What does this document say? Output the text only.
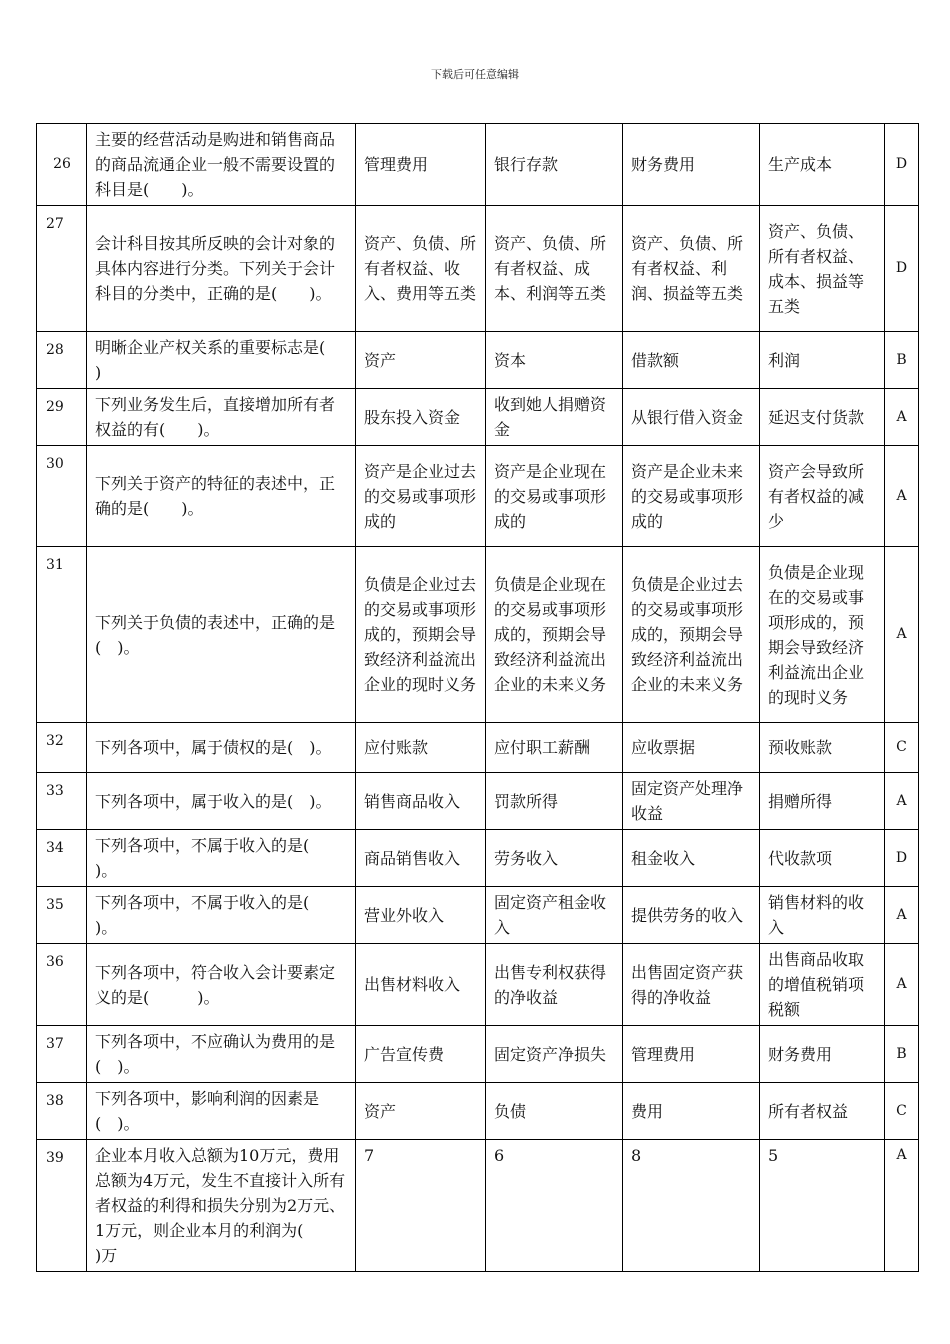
下载后可任意编辑
26	主要的经营活动是购进和销售商品的商品流通企业一般不需要设置的科目是(　　)。	管理费用	银行存款	财务费用	生产成本	D
27	会计科目按其所反映的会计对象的具体内容进行分类。下列关于会计科目的分类中，正确的是(　　)。	资产、负债、所有者权益、收入、费用等五类	资产、负债、所有者权益、成本、利润等五类	资产、负债、所有者权益、利润、损益等五类	资产、负债、所有者权益、成本、损益等五类	D
28	明晰企业产权关系的重要标志是(　　　)	资产	资本	借款额	利润	B
29	下列业务发生后，直接增加所有者权益的有(　　)。	股东投入资金	收到她人捐赠资金	从银行借入资金	延迟支付货款	A
30	下列关于资产的特征的表述中，正确的是(　　)。	资产是企业过去的交易或事项形成的	资产是企业现在的交易或事项形成的	资产是企业未来的交易或事项形成的	资产会导致所有者权益的减少	A
31	下列关于负债的表述中，正确的是(　)。	负债是企业过去的交易或事项形成的，预期会导致经济利益流出企业的现时义务	负债是企业现在的交易或事项形成的，预期会导致经济利益流出企业的未来义务	负债是企业过去的交易或事项形成的，预期会导致经济利益流出企业的未来义务	负债是企业现在的交易或事项形成的，预期会导致经济利益流出企业的现时义务	A
32	下列各项中，属于债权的是(　)。	应付账款	应付职工薪酬	应收票据	预收账款	C
33	下列各项中，属于收入的是(　)。	销售商品收入	罚款所得	固定资产处理净收益	捐赠所得	A
34	下列各项中，不属于收入的是(　　　)。	商品销售收入	劳务收入	租金收入	代收款项	D
35	下列各项中，不属于收入的是(　　　)。	营业外收入	固定资产租金收入	提供劳务的收入	销售材料的收入	A
36	下列各项中，符合收入会计要素定义的是(　　　)。	出售材料收入	出售专利权获得的净收益	出售固定资产获得的净收益	出售商品收取的增值税销项税额	A
37	下列各项中，不应确认为费用的是(　)。	广告宣传费	固定资产净损失	管理费用	财务费用	B
38	下列各项中，影响利润的因素是(　)。	资产	负债	费用	所有者权益	C
39	企业本月收入总额为10万元，费用总额为4万元，发生不直接计入所有者权益的利得和损失分别为2万元、1万元，则企业本月的利润为(　　　)万	7	6	8	5	A
